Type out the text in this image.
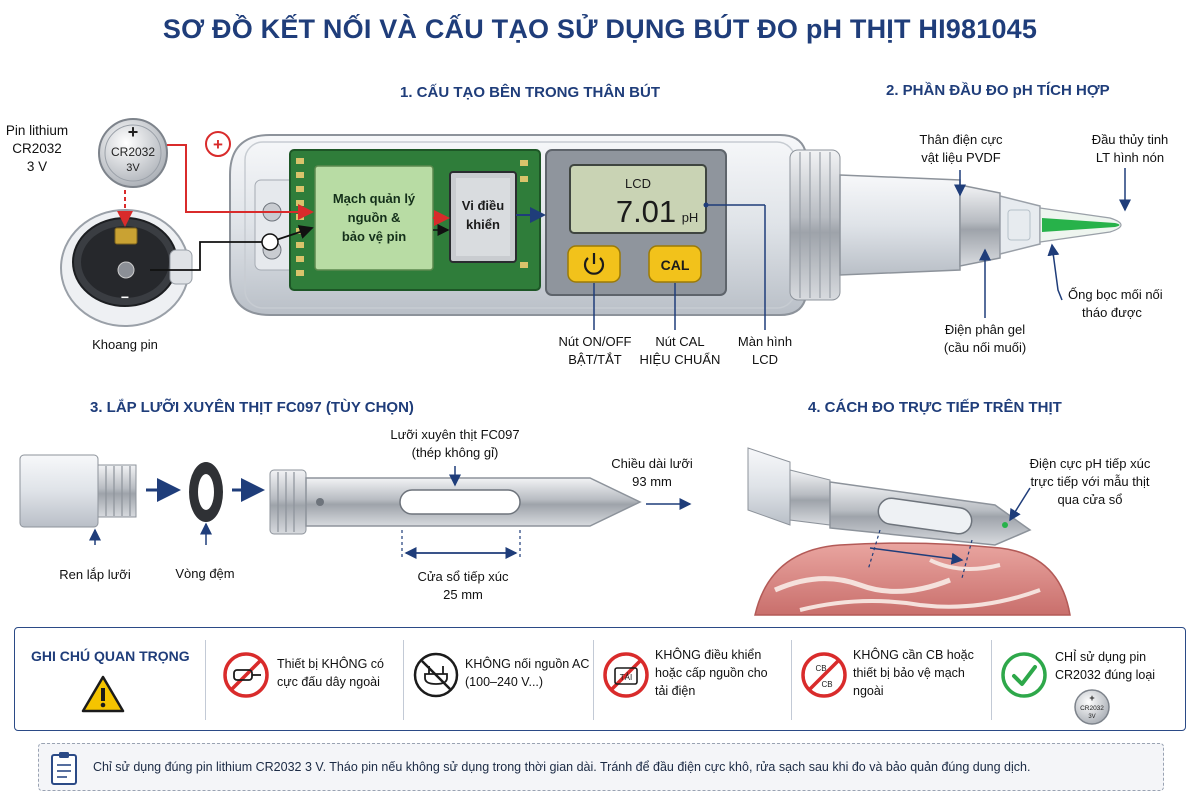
SƠ ĐỒ KẾT NỐI VÀ CẤU TẠO SỬ DỤNG BÚT ĐO pH THỊT HI981045
1. CẤU TẠO BÊN TRONG THÂN BÚT	2. PHẦN ĐẦU ĐO pH TÍCH HỢP
3. LẮP LƯỠI XUYÊN THỊT FC097 (TÙY CHỌN)	4. CÁCH ĐO TRỰC TIẾP TRÊN THỊT
+
CR2032
3V
+
Mạch quản lý
nguồn &
bảo vệ pin
Vi điều
khiển
LCD
7.01 pH
CAL
−
Pin lithium
CR2032
3 V
Khoang pin	Nút ON/OFF
BẬT/TẮT
Nút CAL
HIỆU CHUẨN
Màn hình
LCD
Thân điện cực
vật liệu PVDF
Đầu thủy tinh
LT hình nón
Điện phân gel
(cầu nối muối)
Ống bọc mối nối
tháo được
Ren lắp lưỡi	Vòng đệm
Lưỡi xuyên thịt FC097
(thép không gỉ)
Chiều dài lưỡi
93 mm
Cửa sổ tiếp xúc
25 mm
Điện cực pH tiếp xúc
trực tiếp với mẫu thịt
qua cửa sổ
GHI CHÚ QUAN TRỌNG	Thiết bị KHÔNG có
cực đấu dây ngoài
KHÔNG nối nguồn AC
(100–240 V...)	TẢI
KHÔNG điều khiển
hoặc cấp nguồn cho
tải điện
CB
CB
KHÔNG cần CB hoặc
thiết bị bảo vệ mạch
ngoài
CHỈ sử dụng pin
CR2032 đúng loại
+
CR2032
3V
Chỉ sử dụng đúng pin lithium CR2032 3 V. Tháo pin nếu không sử dụng trong thời gian dài. Tránh để đầu điện cực khô, rửa sạch sau khi đo và bảo quản đúng dung dịch.
